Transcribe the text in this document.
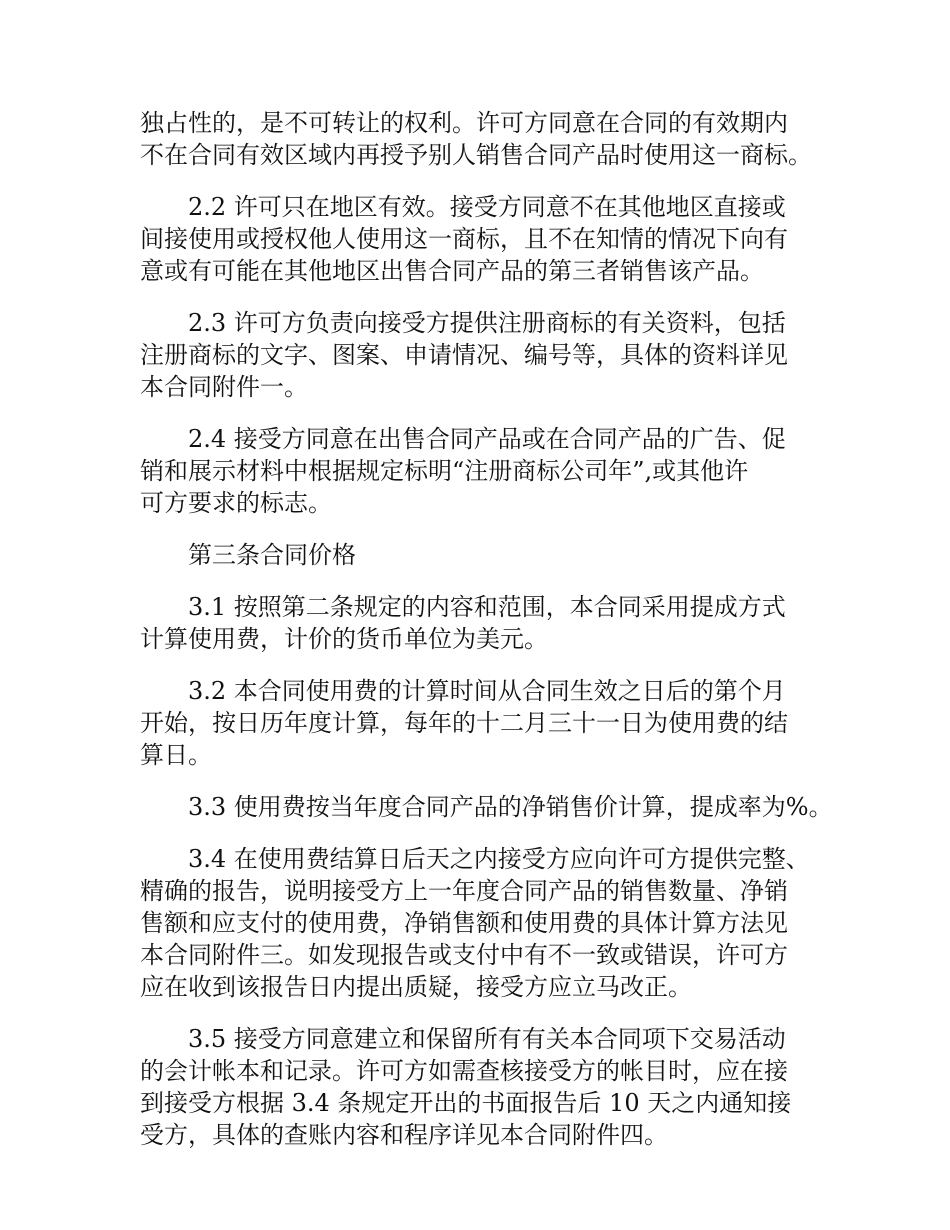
独占性的，是不可转让的权利。许可方同意在合同的有效期内
不在合同有效区域内再授予别人销售合同产品时使用这一商标。

2.2 许可只在地区有效。接受方同意不在其他地区直接或
间接使用或授权他人使用这一商标，且不在知情的情况下向有
意或有可能在其他地区出售合同产品的第三者销售该产品。

2.3 许可方负责向接受方提供注册商标的有关资料，包括
注册商标的文字、图案、申请情况、编号等，具体的资料详见
本合同附件一。

2.4 接受方同意在出售合同产品或在合同产品的广告、促
销和展示材料中根据规定标明“注册商标公司年”,或其他许
可方要求的标志。

第三条合同价格

3.1 按照第二条规定的内容和范围，本合同采用提成方式
计算使用费，计价的货币单位为美元。

3.2 本合同使用费的计算时间从合同生效之日后的第个月
开始，按日历年度计算，每年的十二月三十一日为使用费的结
算日。

3.3 使用费按当年度合同产品的净销售价计算，提成率为%。

3.4 在使用费结算日后天之内接受方应向许可方提供完整、
精确的报告，说明接受方上一年度合同产品的销售数量、净销
售额和应支付的使用费，净销售额和使用费的具体计算方法见
本合同附件三。如发现报告或支付中有不一致或错误，许可方
应在收到该报告日内提出质疑，接受方应立马改正。

3.5 接受方同意建立和保留所有有关本合同项下交易活动
的会计帐本和记录。许可方如需查核接受方的帐目时，应在接
到接受方根据 3.4 条规定开出的书面报告后 10 天之内通知接
受方，具体的查账内容和程序详见本合同附件四。
